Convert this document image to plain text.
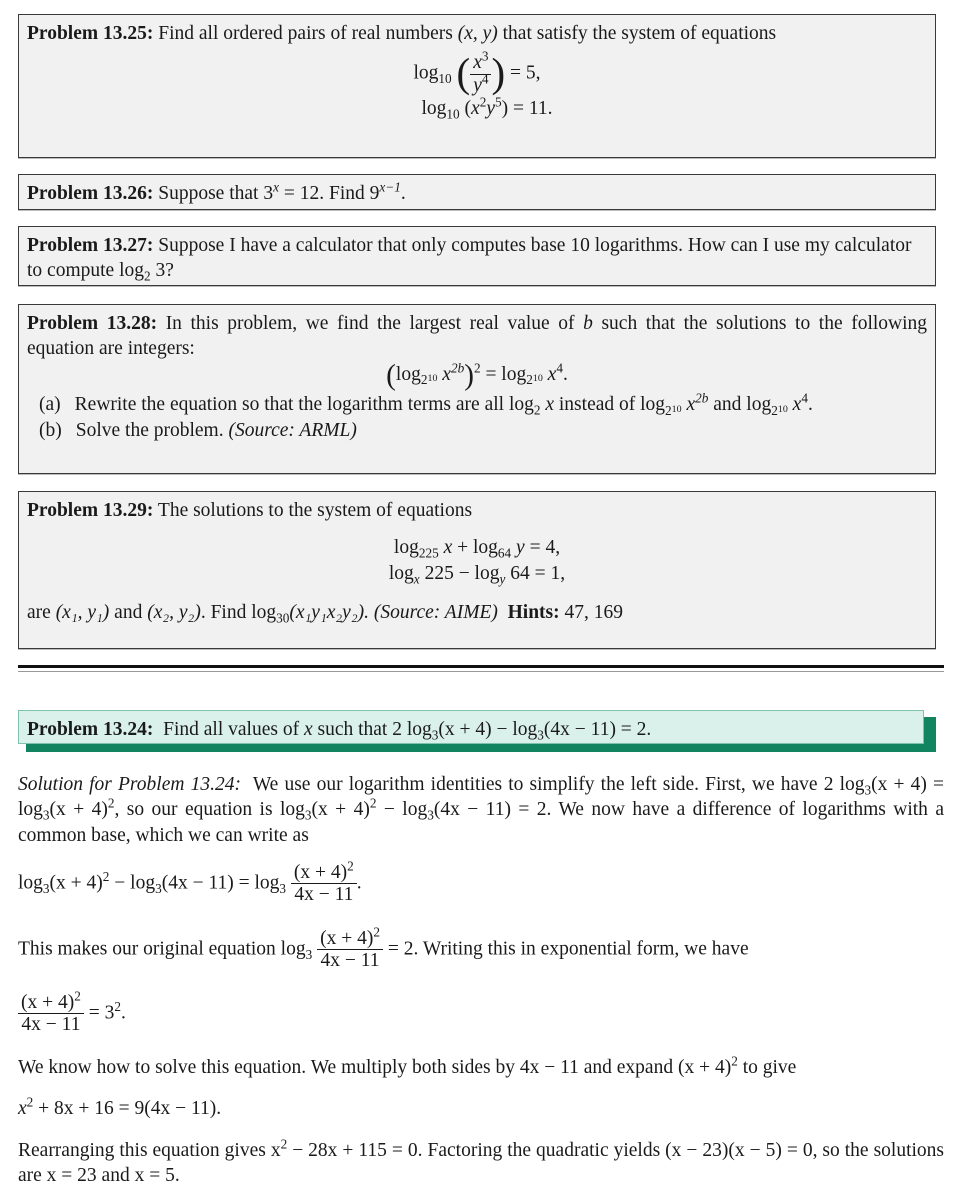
Problem 13.25: Find all ordered pairs of real numbers (x, y) that satisfy the system of equations
$\log_{10}$ ( $\frac{x^3}{y^4}$ ) = 5,
$\log_{10} (x^2y^5) = 11$.
Problem 13.26: Suppose that $3^x = 12$. Find $9^{x-1}$.
Problem 13.27: Suppose I have a calculator that only computes base 10 logarithms. How can I use my calculator to compute $\log_2 3$?
Problem 13.28: In this problem, we find the largest real value of b such that the solutions to the following equation are integers:
($\log_{2^{10}}$ $x^{2b})^2 = \log_{2^{10}} x^4$.
(a) Rewrite the equation so that the logarithm terms are all $\log_2 x$ instead of $\log_{2^{10}} x^{2b}$ and $\log_{2^{10}} x^4$.
(b) Solve the problem. (Source: ARML)
Problem 13.29: The solutions to the system of equations
$\log_{225} x + \log_{64} y = 4$,
$\log_x 225 - \log_y 64 = 1$,
are (x₁, y₁) and (x₂, y₂). Find $\log_{30}(x_1y_1x_2y_2)$. (Source: AIME) Hints: 47, 169
Problem 13.24: Find all values of x such that 2 $\log_3(x + 4) - \log_3(4x - 11) = 2$.
Solution for Problem 13.24: We use our logarithm identities to simplify the left side. First, we have 2 $\log_3(x + 4) = \log_3(x + 4)^2$, so our equation is $\log_3(x + 4)^2 - \log_3(4x - 11) = 2$. We now have a difference of logarithms with a common base, which we can write as
$\log_3(x + 4)^2 - \log_3(4x - 11) = \log_3 \frac{(x + 4)^2}{4x - 11}$ .
This makes our original equation $\log_3 \frac{(x + 4)^2}{4x - 11} = 2$. Writing this in exponential form, we have
$\frac{(x + 4)^2}{4x - 11} = 3^2$.
We know how to solve this equation. We multiply both sides by 4x − 11 and expand $(x + 4)^2$ to give
$x^2 + 8x + 16 = 9(4x - 11)$.
Rearranging this equation gives $x^2 - 28x + 115 = 0$. Factoring the quadratic yields (x − 23)(x − 5) = 0, so the solutions are x = 23 and x = 5.
